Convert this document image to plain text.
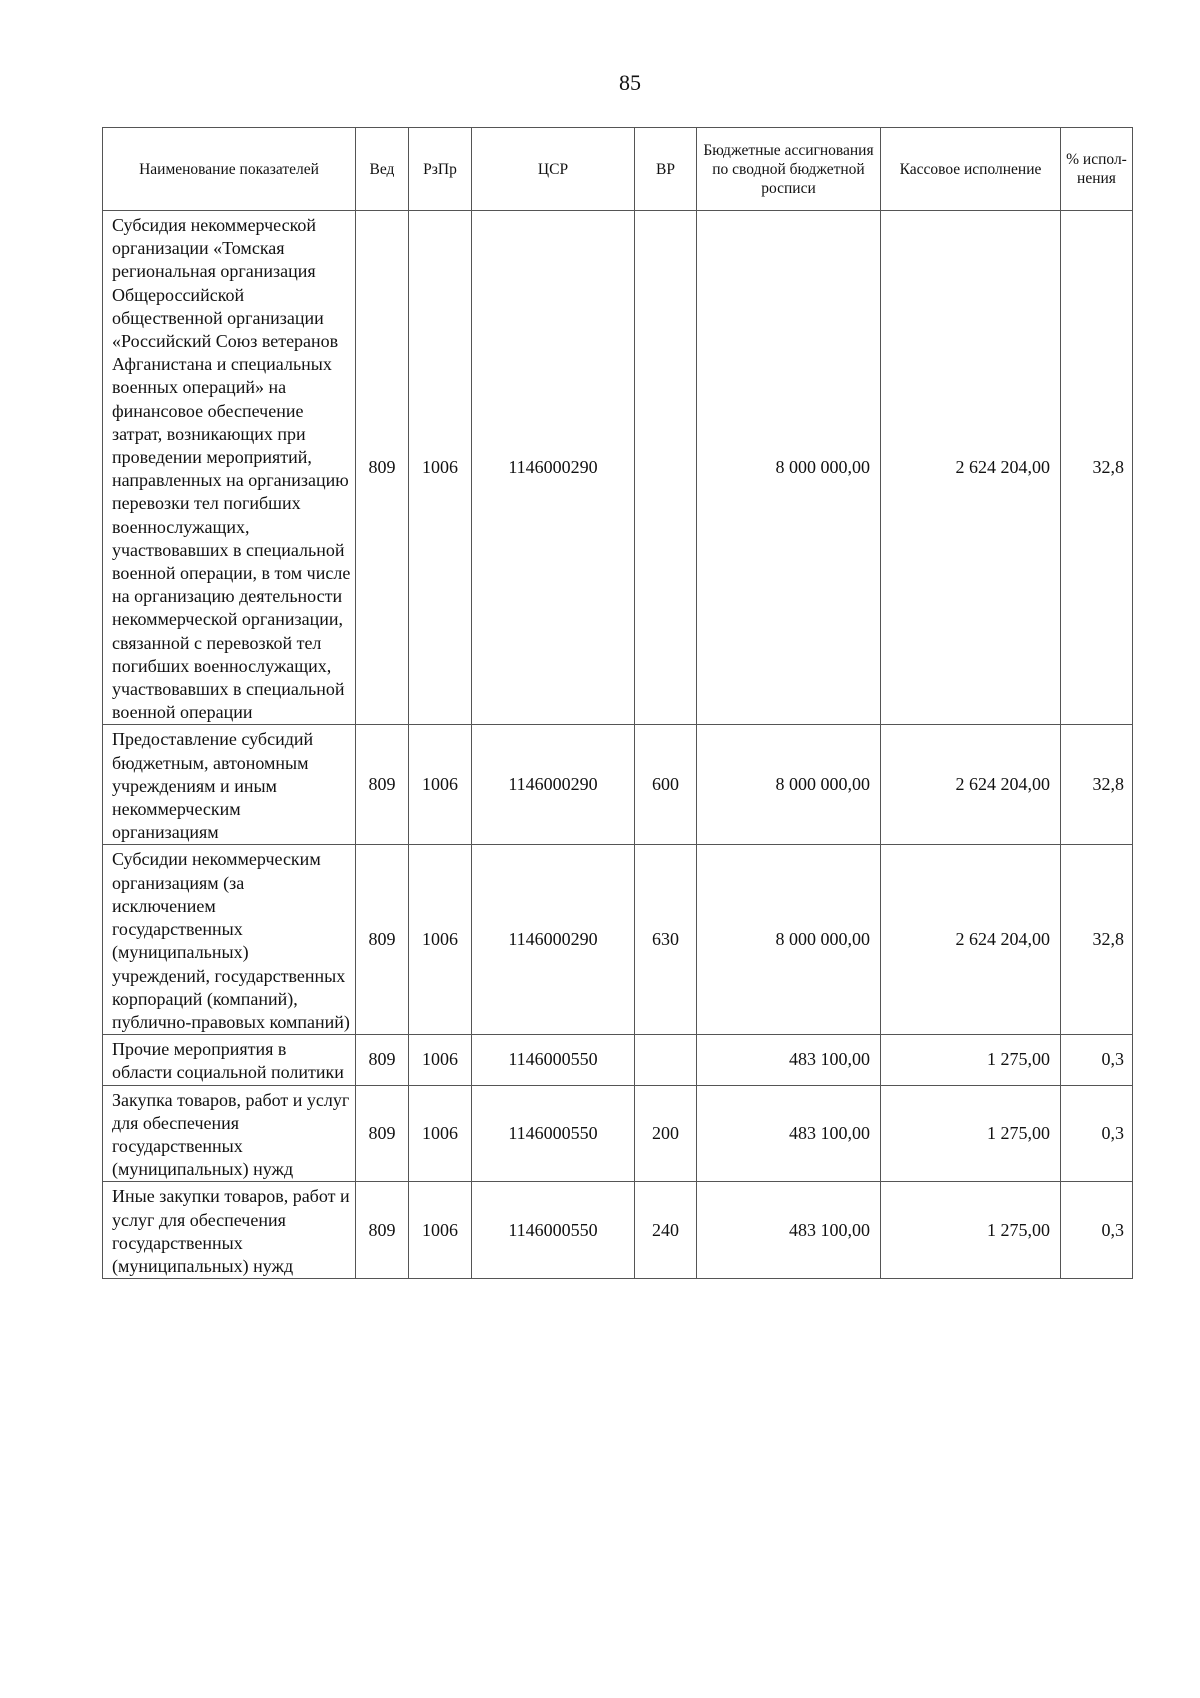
85
Наименование показателей	Вед	РзПр	ЦСР	ВР	Бюджетные ассигнования по сводной бюджетной росписи	Кассовое исполнение	% испол-нения
Субсидия некоммерческой организации «Томская региональная организация Общероссийской общественной организации «Российский Союз ветеранов Афганистана и специальных военных операций» на финансовое обеспечение затрат, возникающих при проведении мероприятий, направленных на организацию перевозки тел погибших военнослужащих, участвовавших в специальной военной операции, в том числе на организацию деятельности некоммерческой организации, связанной с перевозкой тел погибших военнослужащих, участвовавших в специальной военной операции	809	1006	1146000290		8 000 000,00	2 624 204,00	32,8
Предоставление субсидий бюджетным, автономным учреждениям и иным некоммерческим организациям	809	1006	1146000290	600	8 000 000,00	2 624 204,00	32,8
Субсидии некоммерческим организациям (за исключением государственных (муниципальных) учреждений, государственных корпораций (компаний), публично-правовых компаний)	809	1006	1146000290	630	8 000 000,00	2 624 204,00	32,8
Прочие мероприятия в области социальной политики	809	1006	1146000550		483 100,00	1 275,00	0,3
Закупка товаров, работ и услуг для обеспечения государственных (муниципальных) нужд	809	1006	1146000550	200	483 100,00	1 275,00	0,3
Иные закупки товаров, работ и услуг для обеспечения государственных (муниципальных) нужд	809	1006	1146000550	240	483 100,00	1 275,00	0,3
